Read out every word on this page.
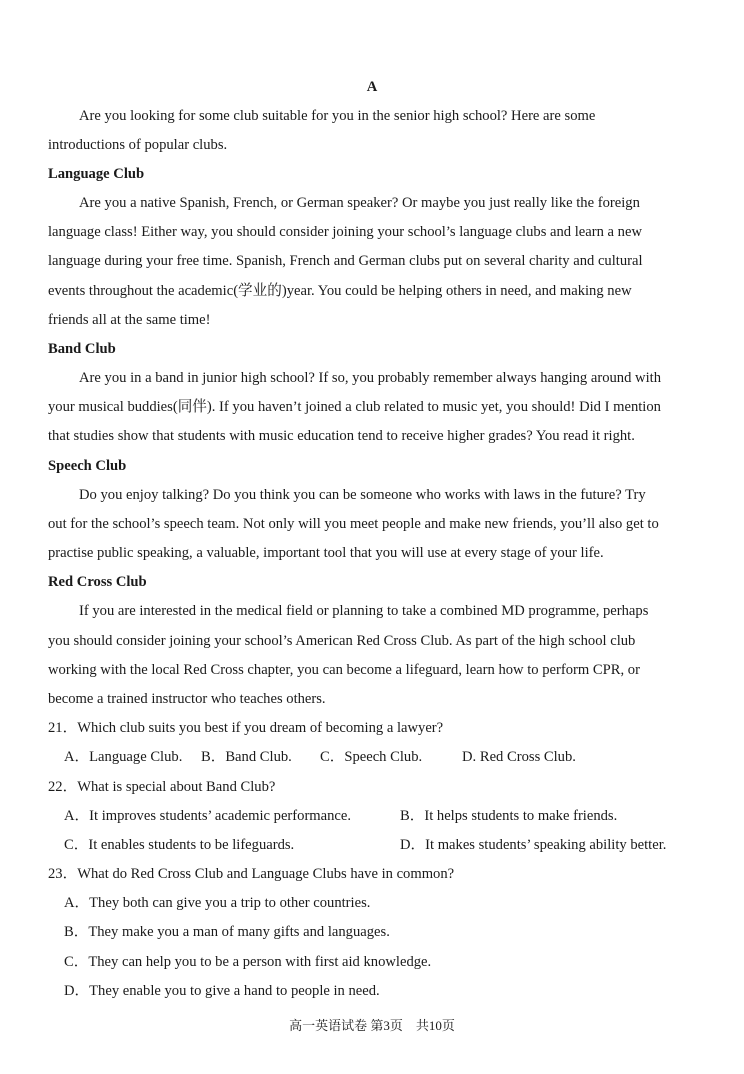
A
Are you looking for some club suitable for you in the senior high school? Here are some
introductions of popular clubs.
Language Club
Are you a native Spanish, French, or German speaker? Or maybe you just really like the foreign
language class! Either way, you should consider joining your school’s language clubs and learn a new
language during your free time. Spanish, French and German clubs put on several charity and cultural
events throughout the academic(学业的)year. You could be helping others in need, and making new
friends all at the same time!
Band Club
Are you in a band in junior high school? If so, you probably remember always hanging around with
your musical buddies(同伴). If you haven’t joined a club related to music yet, you should! Did I mention
that studies show that students with music education tend to receive higher grades? You read it right.
Speech Club
Do you enjoy talking? Do you think you can be someone who works with laws in the future? Try
out for the school’s speech team. Not only will you meet people and make new friends, you’ll also get to
practise public speaking, a valuable, important tool that you will use at every stage of your life.
Red Cross Club
If you are interested in the medical field or planning to take a combined MD programme, perhaps
you should consider joining your school’s American Red Cross Club. As part of the high school club
working with the local Red Cross chapter, you can become a lifeguard, learn how to perform CPR, or
become a trained instructor who teaches others.
21．Which club suits you best if you dream of becoming a lawyer?
A．Language Club. B．Band Club. C．Speech Club.	D. Red Cross Club.
22．What is special about Band Club?
A．It improves students’ academic performance.	B．It helps students to make friends.
C．It enables students to be lifeguards.	D．It makes students’ speaking ability better.
23．What do Red Cross Club and Language Clubs have in common?
A．They both can give you a trip to other countries.
B．They make you a man of many gifts and languages.
C．They can help you to be a person with first aid knowledge.
D．They enable you to give a hand to people in need.
高一英语试卷 第3页　共10页
